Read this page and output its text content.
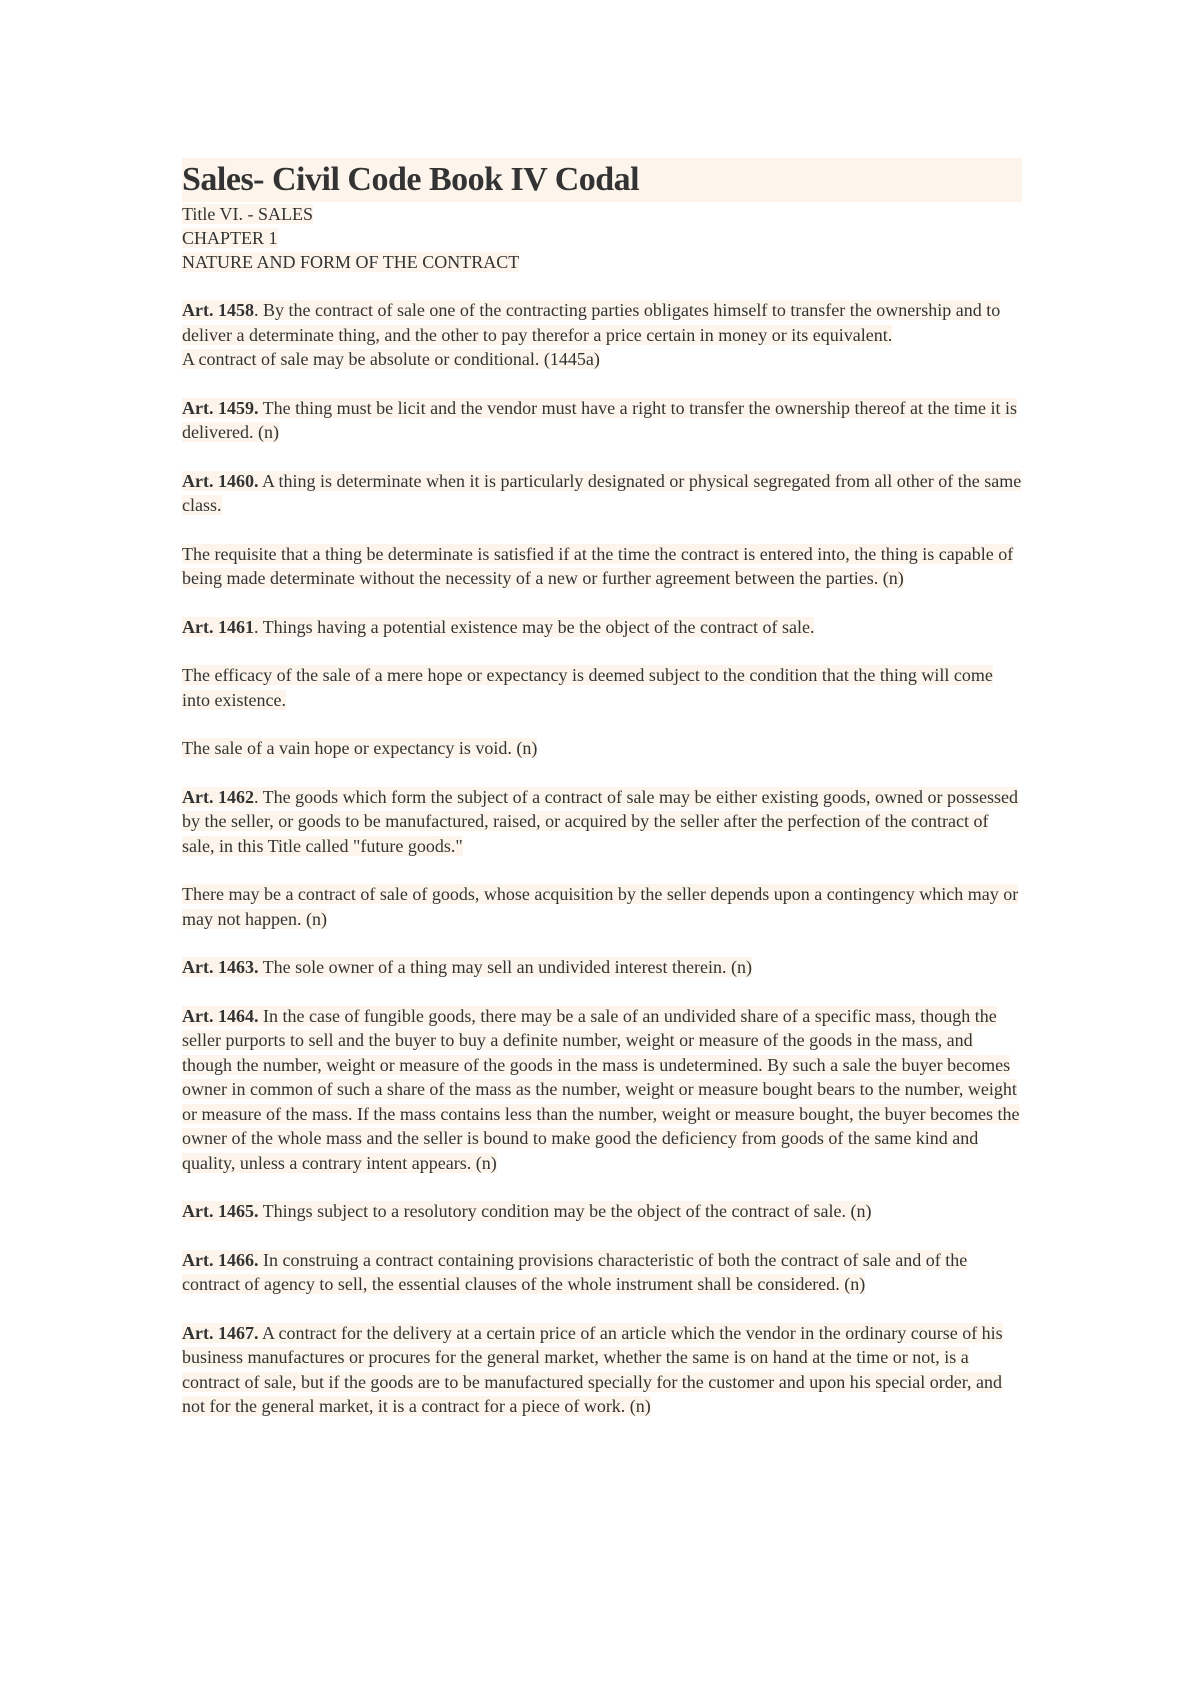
Sales- Civil Code Book IV Codal
Title VI. - SALES
CHAPTER 1
NATURE AND FORM OF THE CONTRACT

Art. 1458. By the contract of sale one of the contracting parties obligates himself to transfer the ownership and to deliver a determinate thing, and the other to pay therefor a price certain in money or its equivalent.

A contract of sale may be absolute or conditional. (1445a)

Art. 1459. The thing must be licit and the vendor must have a right to transfer the ownership thereof at the time it is delivered. (n)

Art. 1460. A thing is determinate when it is particularly designated or physical segregated from all other of the same class.

The requisite that a thing be determinate is satisfied if at the time the contract is entered into, the thing is capable of being made determinate without the necessity of a new or further agreement between the parties. (n)

Art. 1461. Things having a potential existence may be the object of the contract of sale.

The efficacy of the sale of a mere hope or expectancy is deemed subject to the condition that the thing will come into existence.

The sale of a vain hope or expectancy is void. (n)

Art. 1462. The goods which form the subject of a contract of sale may be either existing goods, owned or possessed by the seller, or goods to be manufactured, raised, or acquired by the seller after the perfection of the contract of sale, in this Title called "future goods."

There may be a contract of sale of goods, whose acquisition by the seller depends upon a contingency which may or may not happen. (n)

Art. 1463. The sole owner of a thing may sell an undivided interest therein. (n)

Art. 1464. In the case of fungible goods, there may be a sale of an undivided share of a specific mass, though the seller purports to sell and the buyer to buy a definite number, weight or measure of the goods in the mass, and though the number, weight or measure of the goods in the mass is undetermined. By such a sale the buyer becomes owner in common of such a share of the mass as the number, weight or measure bought bears to the number, weight or measure of the mass. If the mass contains less than the number, weight or measure bought, the buyer becomes the owner of the whole mass and the seller is bound to make good the deficiency from goods of the same kind and quality, unless a contrary intent appears. (n)

Art. 1465. Things subject to a resolutory condition may be the object of the contract of sale. (n)

Art. 1466. In construing a contract containing provisions characteristic of both the contract of sale and of the contract of agency to sell, the essential clauses of the whole instrument shall be considered. (n)

Art. 1467. A contract for the delivery at a certain price of an article which the vendor in the ordinary course of his business manufactures or procures for the general market, whether the same is on hand at the time or not, is a contract of sale, but if the goods are to be manufactured specially for the customer and upon his special order, and not for the general market, it is a contract for a piece of work. (n)
